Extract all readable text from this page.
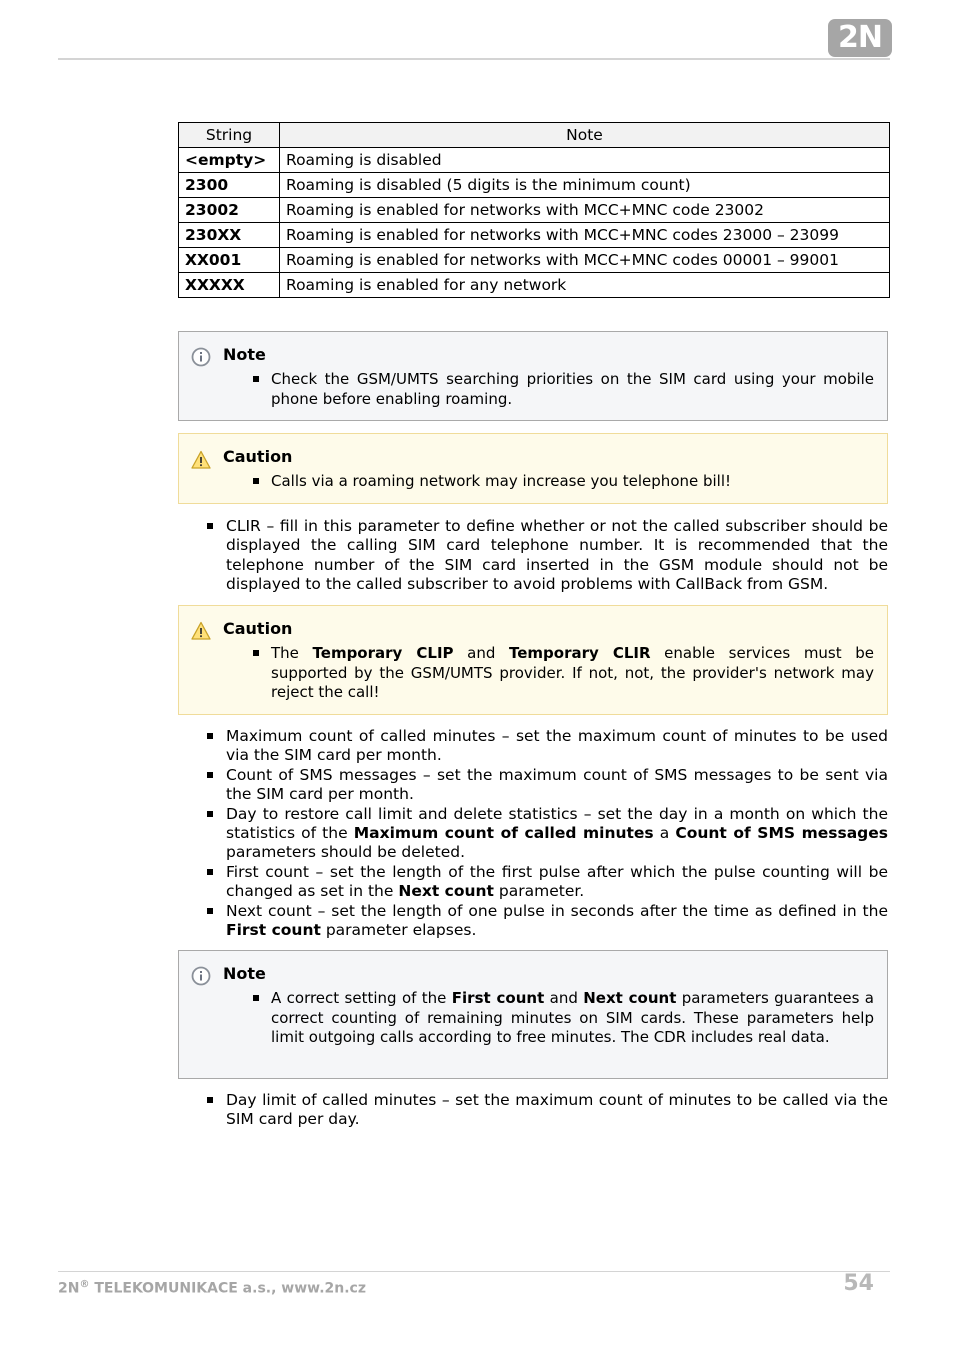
2N
String	Note
<empty>	Roaming is disabled
2300	Roaming is disabled (5 digits is the minimum count)
23002	Roaming is enabled for networks with MCC+MNC code 23002
230XX	Roaming is enabled for networks with MCC+MNC codes 23000 – 23099
XX001	Roaming is enabled for networks with MCC+MNC codes 00001 – 99001
XXXXX	Roaming is enabled for any network
Note
Check the GSM/UMTS searching priorities on the SIM card using your mobile phone before enabling roaming.
Caution
Calls via a roaming network may increase you telephone bill!
CLIR – fill in this parameter to define whether or not the called subscriber should be displayed the calling SIM card telephone number. It is recommended that the telephone number of the SIM card inserted in the GSM module should not be displayed to the called subscriber to avoid problems with CallBack from GSM.
Caution
The Temporary CLIP and Temporary CLIR enable services must be supported by the GSM/UMTS provider. If not, not, the provider's network may reject the call!
Maximum count of called minutes – set the maximum count of minutes to be used via the SIM card per month.
Count of SMS messages – set the maximum count of SMS messages to be sent via the SIM card per month.
Day to restore call limit and delete statistics – set the day in a month on which the statistics of the Maximum count of called minutes a Count of SMS messages parameters should be deleted.
First count – set the length of the first pulse after which the pulse counting will be changed as set in the Next count parameter.
Next count – set the length of one pulse in seconds after the time as defined in the First count parameter elapses.
Note
A correct setting of the First count and Next count parameters guarantees a correct counting of remaining minutes on SIM cards. These parameters help limit outgoing calls according to free minutes. The CDR includes real data.
Day limit of called minutes – set the maximum count of minutes to be called via the SIM card per day.
2N® TELEKOMUNIKACE a.s., www.2n.cz	54
